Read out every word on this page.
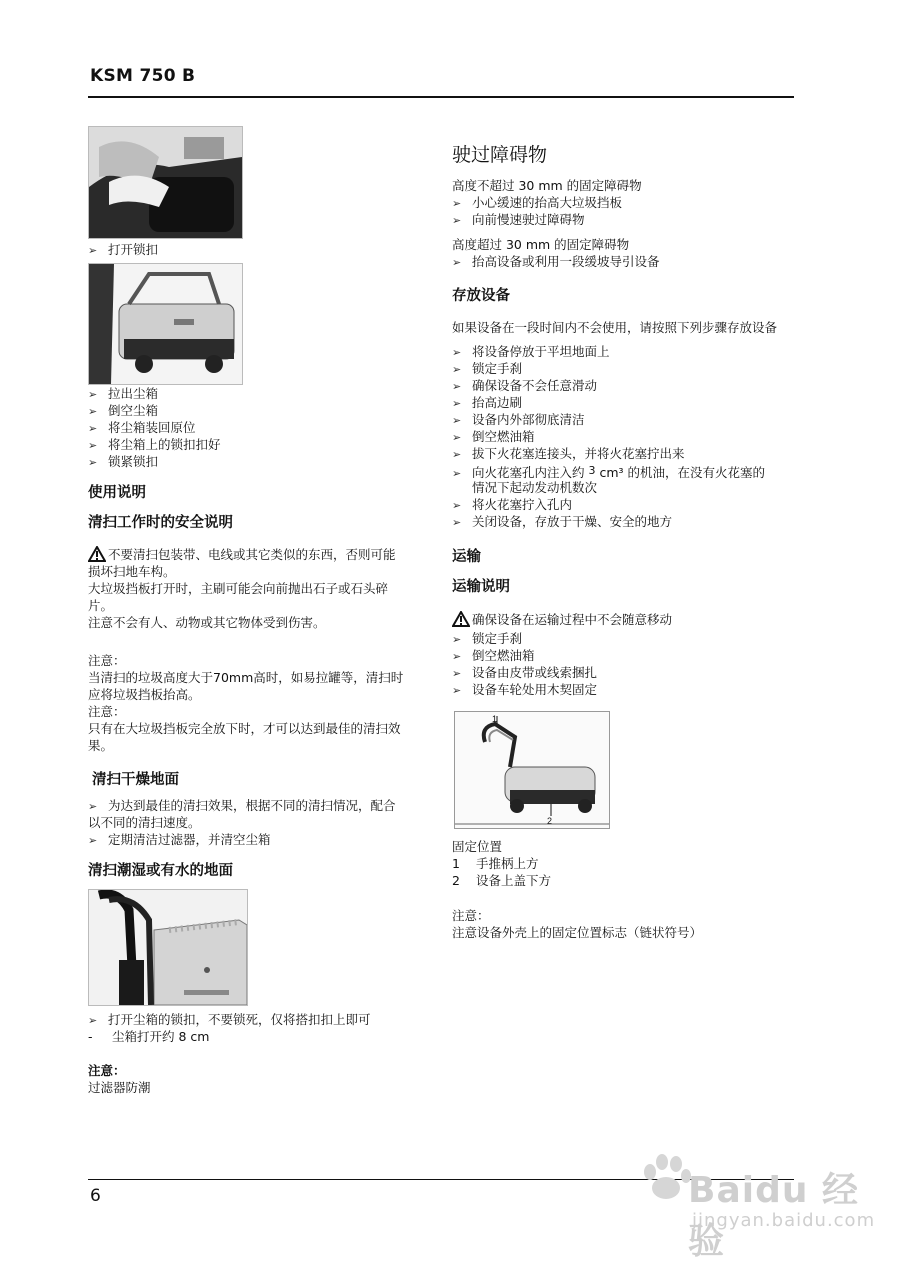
KSM 750 B
➢ 打开锁扣
➢ 拉出尘箱
➢ 倒空尘箱
➢ 将尘箱装回原位
➢ 将尘箱上的锁扣扣好
➢ 锁紧锁扣
使用说明
清扫工作时的安全说明
不要清扫包装带、电线或其它类似的东西，否则可能
损坏扫地车构。
大垃圾挡板打开时，主刷可能会向前抛出石子或石头碎
片。
注意不会有人、动物或其它物体受到伤害。
注意：
当清扫的垃圾高度大于70mm高时，如易拉罐等，清扫时
应将垃圾挡板抬高。
注意：
只有在大垃圾挡板完全放下时，才可以达到最佳的清扫效
果。
清扫干燥地面
➢ 为达到最佳的清扫效果，根据不同的清扫情况，配合
以不同的清扫速度。
➢ 定期清洁过滤器，并清空尘箱
清扫潮湿或有水的地面
➢ 打开尘箱的锁扣，不要锁死，仅将搭扣扣上即可
- 尘箱打开约 8 cm
注意：
过滤器防潮
驶过障碍物
高度不超过 30 mm 的固定障碍物
➢ 小心缓速的抬高大垃圾挡板
➢ 向前慢速驶过障碍物
高度超过 30 mm 的固定障碍物
➢ 抬高设备或利用一段缓坡导引设备
存放设备
如果设备在一段时间内不会使用，请按照下列步骤存放设备
➢ 将设备停放于平坦地面上
➢ 锁定手刹
➢ 确保设备不会任意滑动
➢ 抬高边刷
➢ 设备内外部彻底清洁
➢ 倒空燃油箱
➢ 拔下火花塞连接头，并将火花塞拧出来
➢ 向火花塞孔内注入约 3 cm³ 的机油，在没有火花塞的
情况下起动发动机数次
➢ 将火花塞拧入孔内
➢ 关闭设备，存放于干燥、安全的地方
运输
运输说明
确保设备在运输过程中不会随意移动
➢ 锁定手刹
➢ 倒空燃油箱
➢ 设备由皮带或线索捆扎
➢ 设备车轮处用木契固定
1
2
固定位置
1 手推柄上方
2 设备上盖下方
注意：
注意设备外壳上的固定位置标志（链状符号）
6	Baidu 经验
jingyan.baidu.com
